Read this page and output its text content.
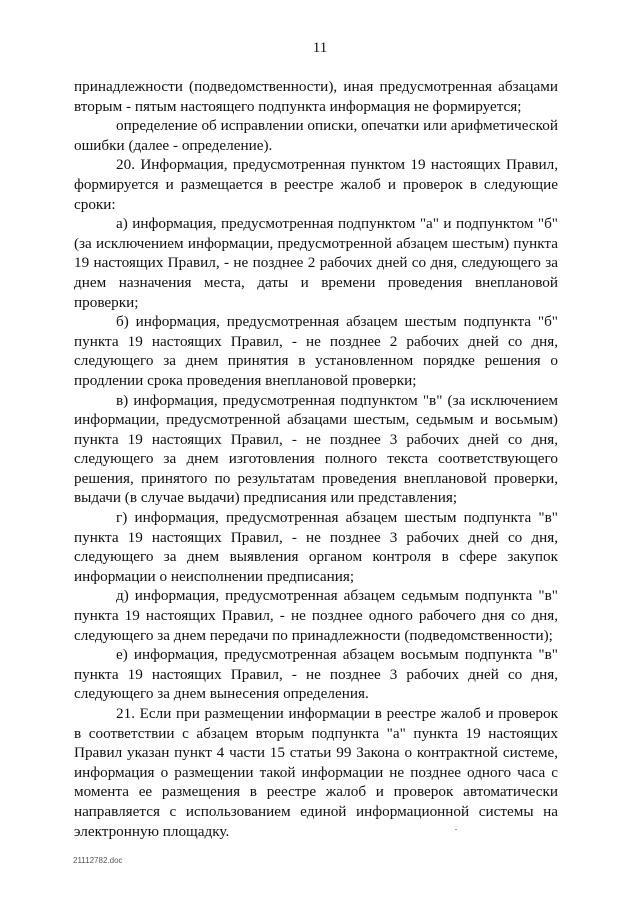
11

принадлежности (подведомственности), иная предусмотренная абзацами вторым - пятым настоящего подпункта информация не формируется;

определение об исправлении описки, опечатки или арифметической ошибки (далее - определение).

20. Информация, предусмотренная пунктом 19 настоящих Правил, формируется и размещается в реестре жалоб и проверок в следующие сроки:

а) информация, предусмотренная подпунктом "а" и подпунктом "б" (за исключением информации, предусмотренной абзацем шестым) пункта 19 настоящих Правил, - не позднее 2 рабочих дней со дня, следующего за днем назначения места, даты и времени проведения внеплановой проверки;

б) информация, предусмотренная абзацем шестым подпункта "б" пункта 19 настоящих Правил, - не позднее 2 рабочих дней со дня, следующего за днем принятия в установленном порядке решения о продлении срока проведения внеплановой проверки;

в) информация, предусмотренная подпунктом "в" (за исключением информации, предусмотренной абзацами шестым, седьмым и восьмым) пункта 19 настоящих Правил, - не позднее 3 рабочих дней со дня, следующего за днем изготовления полного текста соответствующего решения, принятого по результатам проведения внеплановой проверки, выдачи (в случае выдачи) предписания или представления;

г) информация, предусмотренная абзацем шестым подпункта "в" пункта 19 настоящих Правил, - не позднее 3 рабочих дней со дня, следующего за днем выявления органом контроля в сфере закупок информации о неисполнении предписания;

д) информация, предусмотренная абзацем седьмым подпункта "в" пункта 19 настоящих Правил, - не позднее одного рабочего дня со дня, следующего за днем передачи по принадлежности (подведомственности);

е) информация, предусмотренная абзацем восьмым подпункта "в" пункта 19 настоящих Правил, - не позднее 3 рабочих дней со дня, следующего за днем вынесения определения.

21. Если при размещении информации в реестре жалоб и проверок в соответствии с абзацем вторым подпункта "а" пункта 19 настоящих Правил указан пункт 4 части 15 статьи 99 Закона о контрактной системе, информация о размещении такой информации не позднее одного часа с момента ее размещения в реестре жалоб и проверок автоматически направляется с использованием единой информационной системы на электронную площадку.

21112782.doc
